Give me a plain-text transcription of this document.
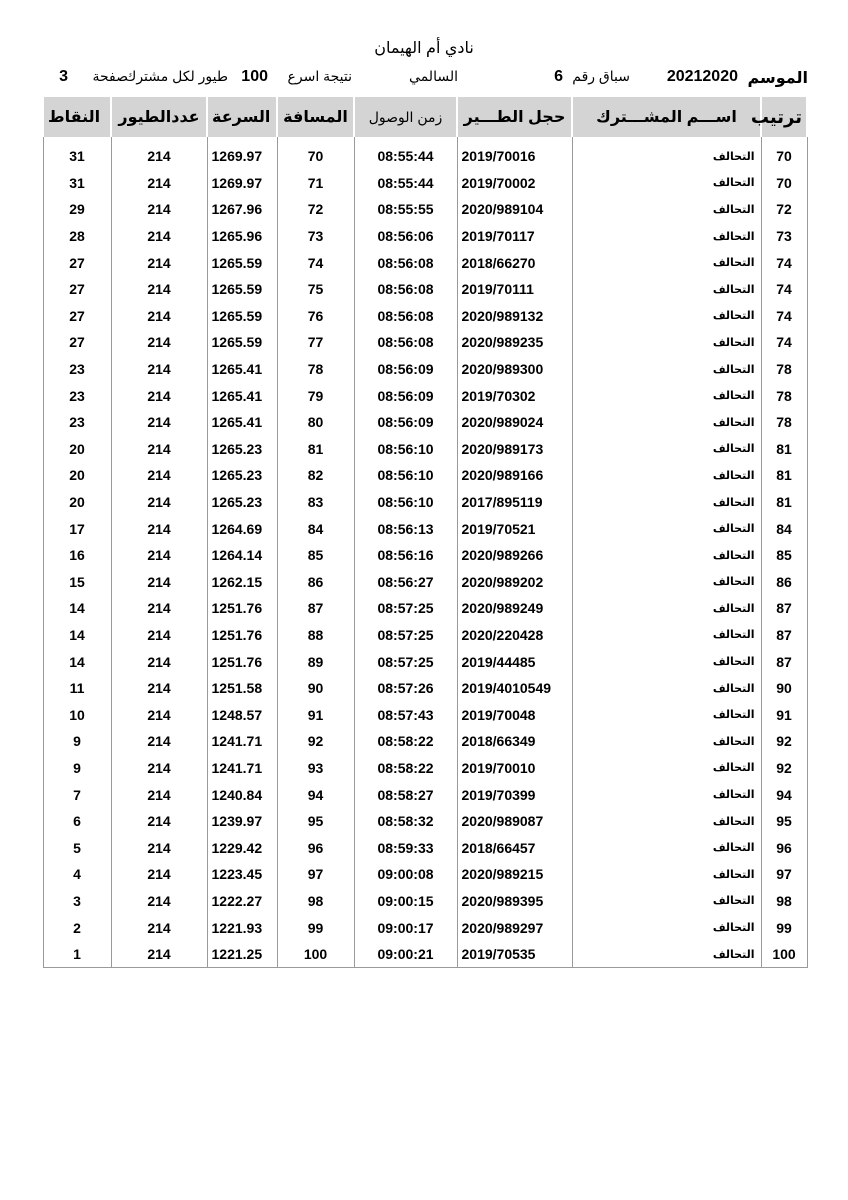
نادي أم الهيمان
الموسم
20212020
سباق رقم
6
السالمي
نتيجة اسرع
100
طيور لكل مشترك
صفحة
3
ترتيب	اســـم المشـــترك	حجل الطـــير	زمن الوصول	المسافة	السرعة	عددالطيور	النقاط

70	التحالف	2019/70016	08:55:44	70	1269.97	214	31
70	التحالف	2019/70002	08:55:44	71	1269.97	214	31
72	التحالف	2020/989104	08:55:55	72	1267.96	214	29
73	التحالف	2019/70117	08:56:06	73	1265.96	214	28
74	التحالف	2018/66270	08:56:08	74	1265.59	214	27
74	التحالف	2019/70111	08:56:08	75	1265.59	214	27
74	التحالف	2020/989132	08:56:08	76	1265.59	214	27
74	التحالف	2020/989235	08:56:08	77	1265.59	214	27
78	التحالف	2020/989300	08:56:09	78	1265.41	214	23
78	التحالف	2019/70302	08:56:09	79	1265.41	214	23
78	التحالف	2020/989024	08:56:09	80	1265.41	214	23
81	التحالف	2020/989173	08:56:10	81	1265.23	214	20
81	التحالف	2020/989166	08:56:10	82	1265.23	214	20
81	التحالف	2017/895119	08:56:10	83	1265.23	214	20
84	التحالف	2019/70521	08:56:13	84	1264.69	214	17
85	التحالف	2020/989266	08:56:16	85	1264.14	214	16
86	التحالف	2020/989202	08:56:27	86	1262.15	214	15
87	التحالف	2020/989249	08:57:25	87	1251.76	214	14
87	التحالف	2020/220428	08:57:25	88	1251.76	214	14
87	التحالف	2019/44485	08:57:25	89	1251.76	214	14
90	التحالف	2019/4010549	08:57:26	90	1251.58	214	11
91	التحالف	2019/70048	08:57:43	91	1248.57	214	10
92	التحالف	2018/66349	08:58:22	92	1241.71	214	9
92	التحالف	2019/70010	08:58:22	93	1241.71	214	9
94	التحالف	2019/70399	08:58:27	94	1240.84	214	7
95	التحالف	2020/989087	08:58:32	95	1239.97	214	6
96	التحالف	2018/66457	08:59:33	96	1229.42	214	5
97	التحالف	2020/989215	09:00:08	97	1223.45	214	4
98	التحالف	2020/989395	09:00:15	98	1222.27	214	3
99	التحالف	2020/989297	09:00:17	99	1221.93	214	2
100	التحالف	2019/70535	09:00:21	100	1221.25	214	1
